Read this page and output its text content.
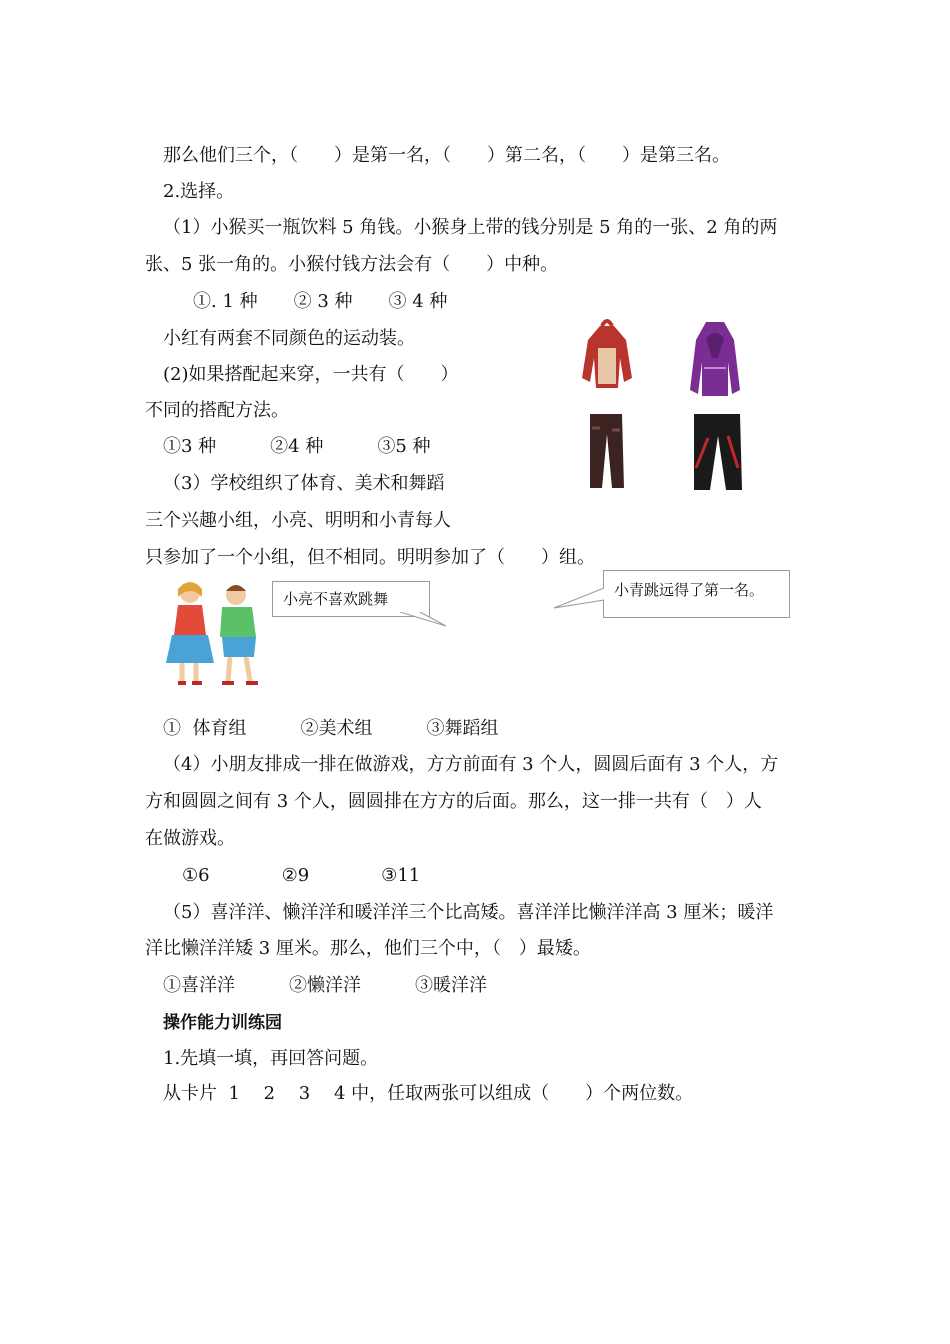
那么他们三个，（　　）是第一名，（　　）第二名，（　　）是第三名。
2.选择。
（1）小猴买一瓶饮料 5 角钱。小猴身上带的钱分别是 5 角的一张、2 角的两
张、5 张一角的。小猴付钱方法会有（　　）中种。
①. 1 种　　② 3 种　　③ 4 种
小红有两套不同颜色的运动装。
(2)如果搭配起来穿，一共有（　　）
不同的搭配方法。
①3 种　　　②4 种　　　③5 种
（3）学校组织了体育、美术和舞蹈
三个兴趣小组，小亮、明明和小青每人
只参加了一个小组，但不相同。明明参加了（　　）组。
小亮不喜欢跳舞	小青跳远得了第一名。
①  体育组　　　②美术组　　　③舞蹈组
（4）小朋友排成一排在做游戏，方方前面有 3 个人，圆圆后面有 3 个人，方
方和圆圆之间有 3 个人，圆圆排在方方的后面。那么，这一排一共有（　）人
在做游戏。
①6　　　　②9　　　　③11
（5）喜洋洋、懒洋洋和暖洋洋三个比高矮。喜洋洋比懒洋洋高 3 厘米；暖洋
洋比懒洋洋矮 3 厘米。那么，他们三个中，（　）最矮。
①喜洋洋　　　②懒洋洋　　　③暖洋洋
操作能力训练园
1.先填一填，再回答问题。
从卡片  1　 2　 3　 4 中，任取两张可以组成（　　）个两位数。
